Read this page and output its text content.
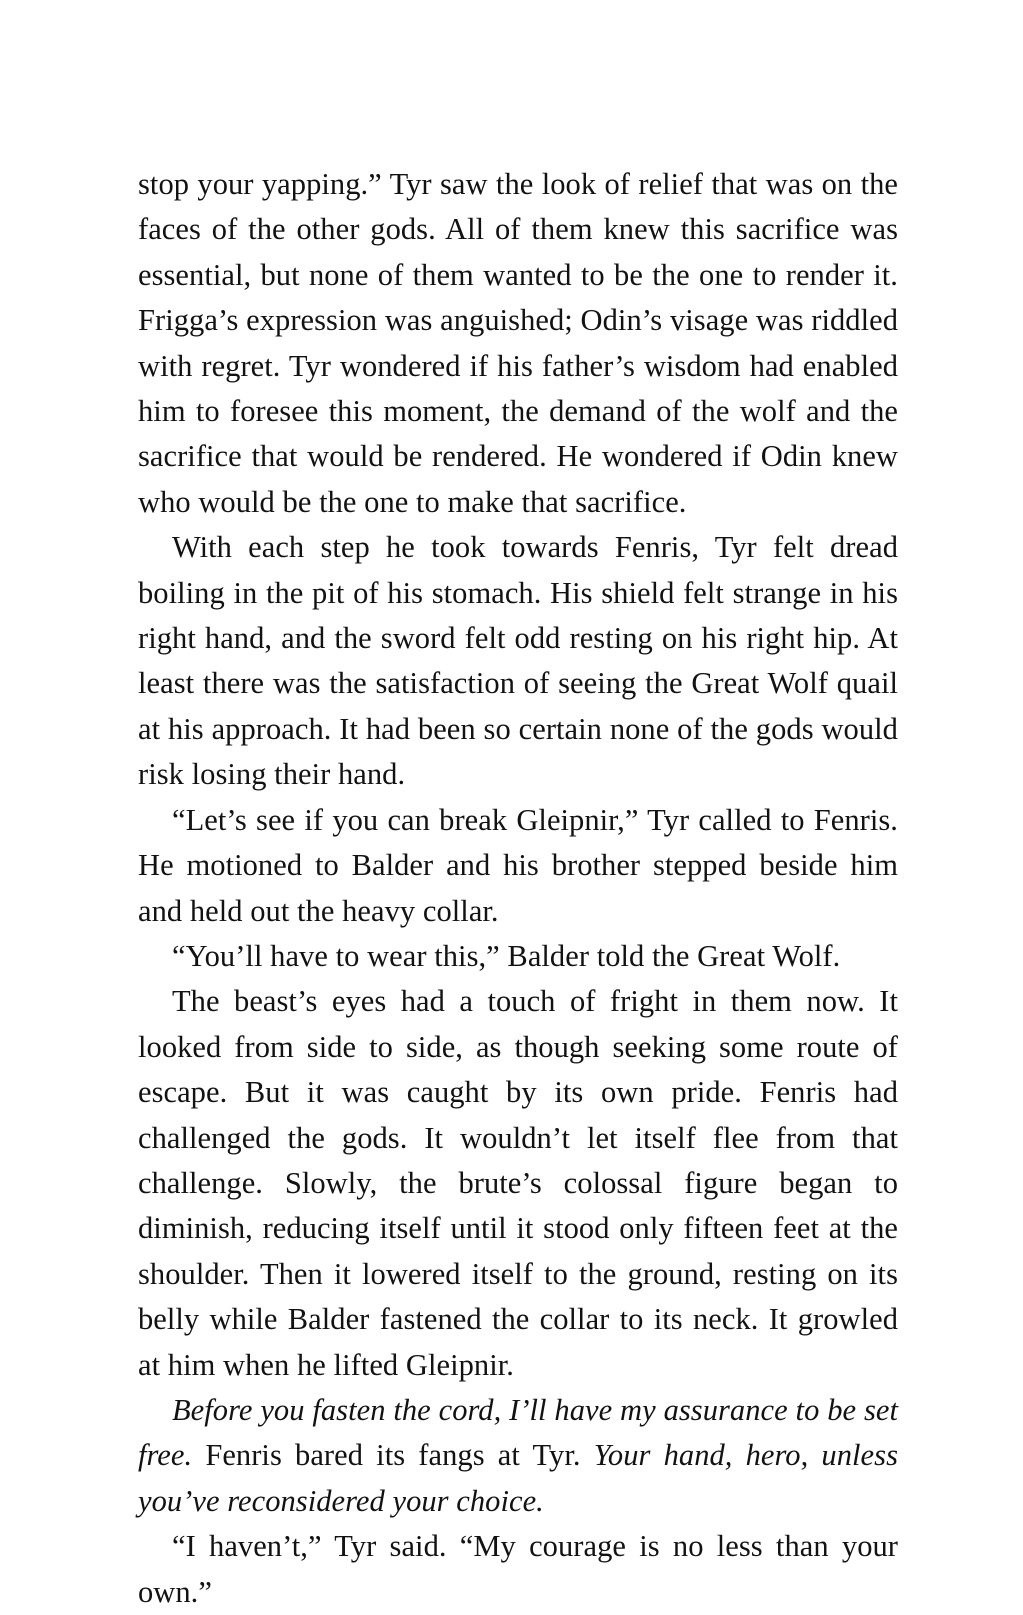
stop your yapping.” Tyr saw the look of relief that was on the faces of the other gods. All of them knew this sacrifice was essential, but none of them wanted to be the one to render it. Frigga’s expression was anguished; Odin’s visage was riddled with regret. Tyr wondered if his father’s wisdom had enabled him to foresee this moment, the demand of the wolf and the sacrifice that would be rendered. He wondered if Odin knew who would be the one to make that sacrifice.

With each step he took towards Fenris, Tyr felt dread boiling in the pit of his stomach. His shield felt strange in his right hand, and the sword felt odd resting on his right hip. At least there was the satisfaction of seeing the Great Wolf quail at his approach. It had been so certain none of the gods would risk losing their hand.

“Let’s see if you can break Gleipnir,” Tyr called to Fenris. He motioned to Balder and his brother stepped beside him and held out the heavy collar.

“You’ll have to wear this,” Balder told the Great Wolf.

The beast’s eyes had a touch of fright in them now. It looked from side to side, as though seeking some route of escape. But it was caught by its own pride. Fenris had challenged the gods. It wouldn’t let itself flee from that challenge. Slowly, the brute’s colossal figure began to diminish, reducing itself until it stood only fifteen feet at the shoulder. Then it lowered itself to the ground, resting on its belly while Balder fastened the collar to its neck. It growled at him when he lifted Gleipnir.

Before you fasten the cord, I’ll have my assurance to be set free. Fenris bared its fangs at Tyr. Your hand, hero, unless you’ve reconsidered your choice.

“I haven’t,” Tyr said. “My courage is no less than your own.”
